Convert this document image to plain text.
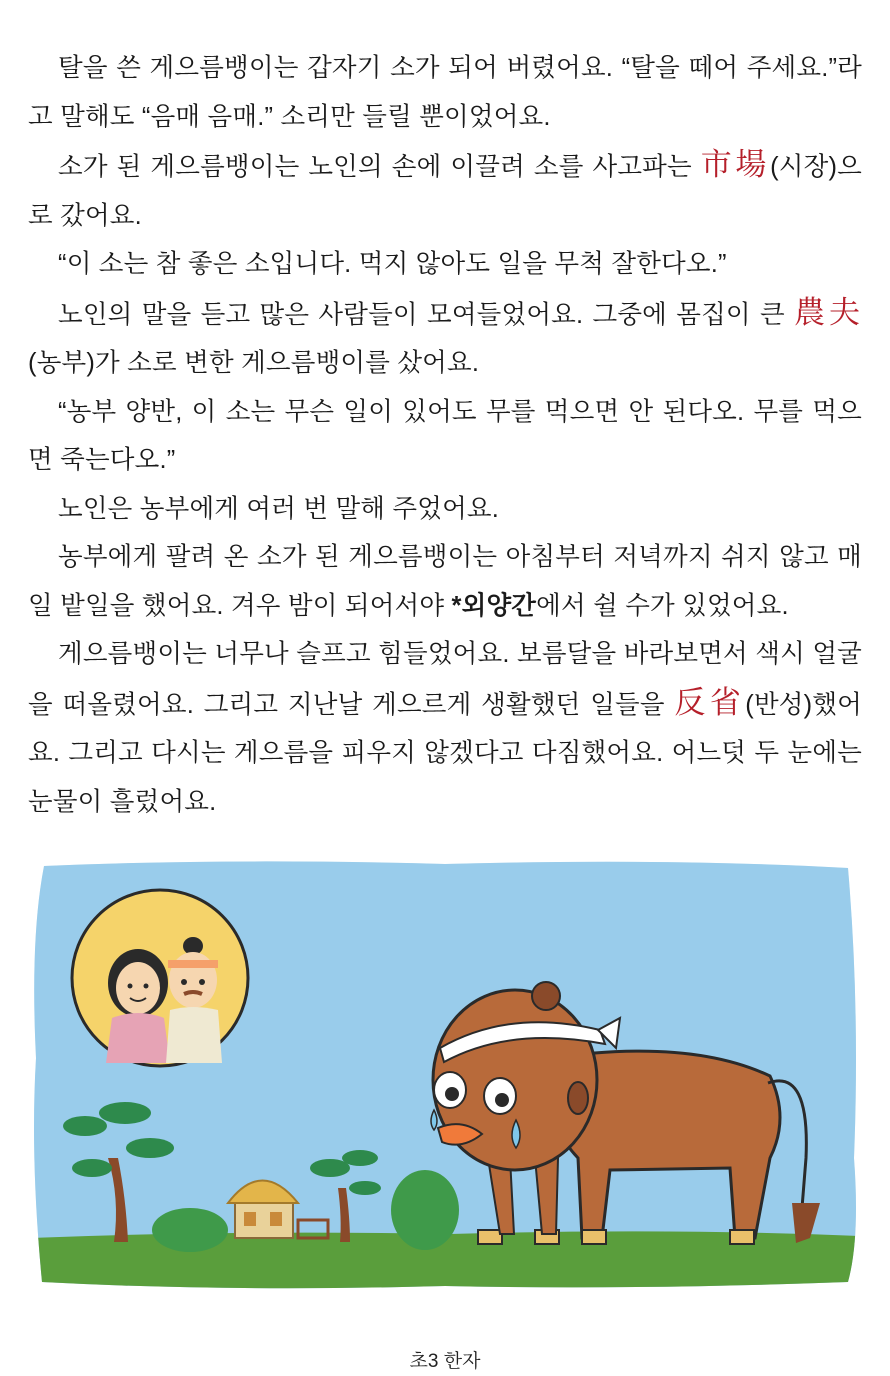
탈을 쓴 게으름뱅이는 갑자기 소가 되어 버렸어요. “탈을 떼어 주세요.”라고 말해도 “음매 음매.” 소리만 들릴 뿐이었어요.

소가 된 게으름뱅이는 노인의 손에 이끌려 소를 사고파는 市場(시장)으로 갔어요.

“이 소는 참 좋은 소입니다. 먹지 않아도 일을 무척 잘한다오.”

노인의 말을 듣고 많은 사람들이 모여들었어요. 그중에 몸집이 큰 農夫(농부)가 소로 변한 게으름뱅이를 샀어요.

“농부 양반, 이 소는 무슨 일이 있어도 무를 먹으면 안 된다오. 무를 먹으면 죽는다오.”

노인은 농부에게 여러 번 말해 주었어요.

농부에게 팔려 온 소가 된 게으름뱅이는 아침부터 저녁까지 쉬지 않고 매일 밭일을 했어요. 겨우 밤이 되어서야 *외양간에서 쉴 수가 있었어요.

게으름뱅이는 너무나 슬프고 힘들었어요. 보름달을 바라보면서 색시 얼굴을 떠올렸어요. 그리고 지난날 게으르게 생활했던 일들을 反省(반성)했어요. 그리고 다시는 게으름을 피우지 않겠다고 다짐했어요. 어느덧 두 눈에는 눈물이 흘렀어요.

초3 한자
